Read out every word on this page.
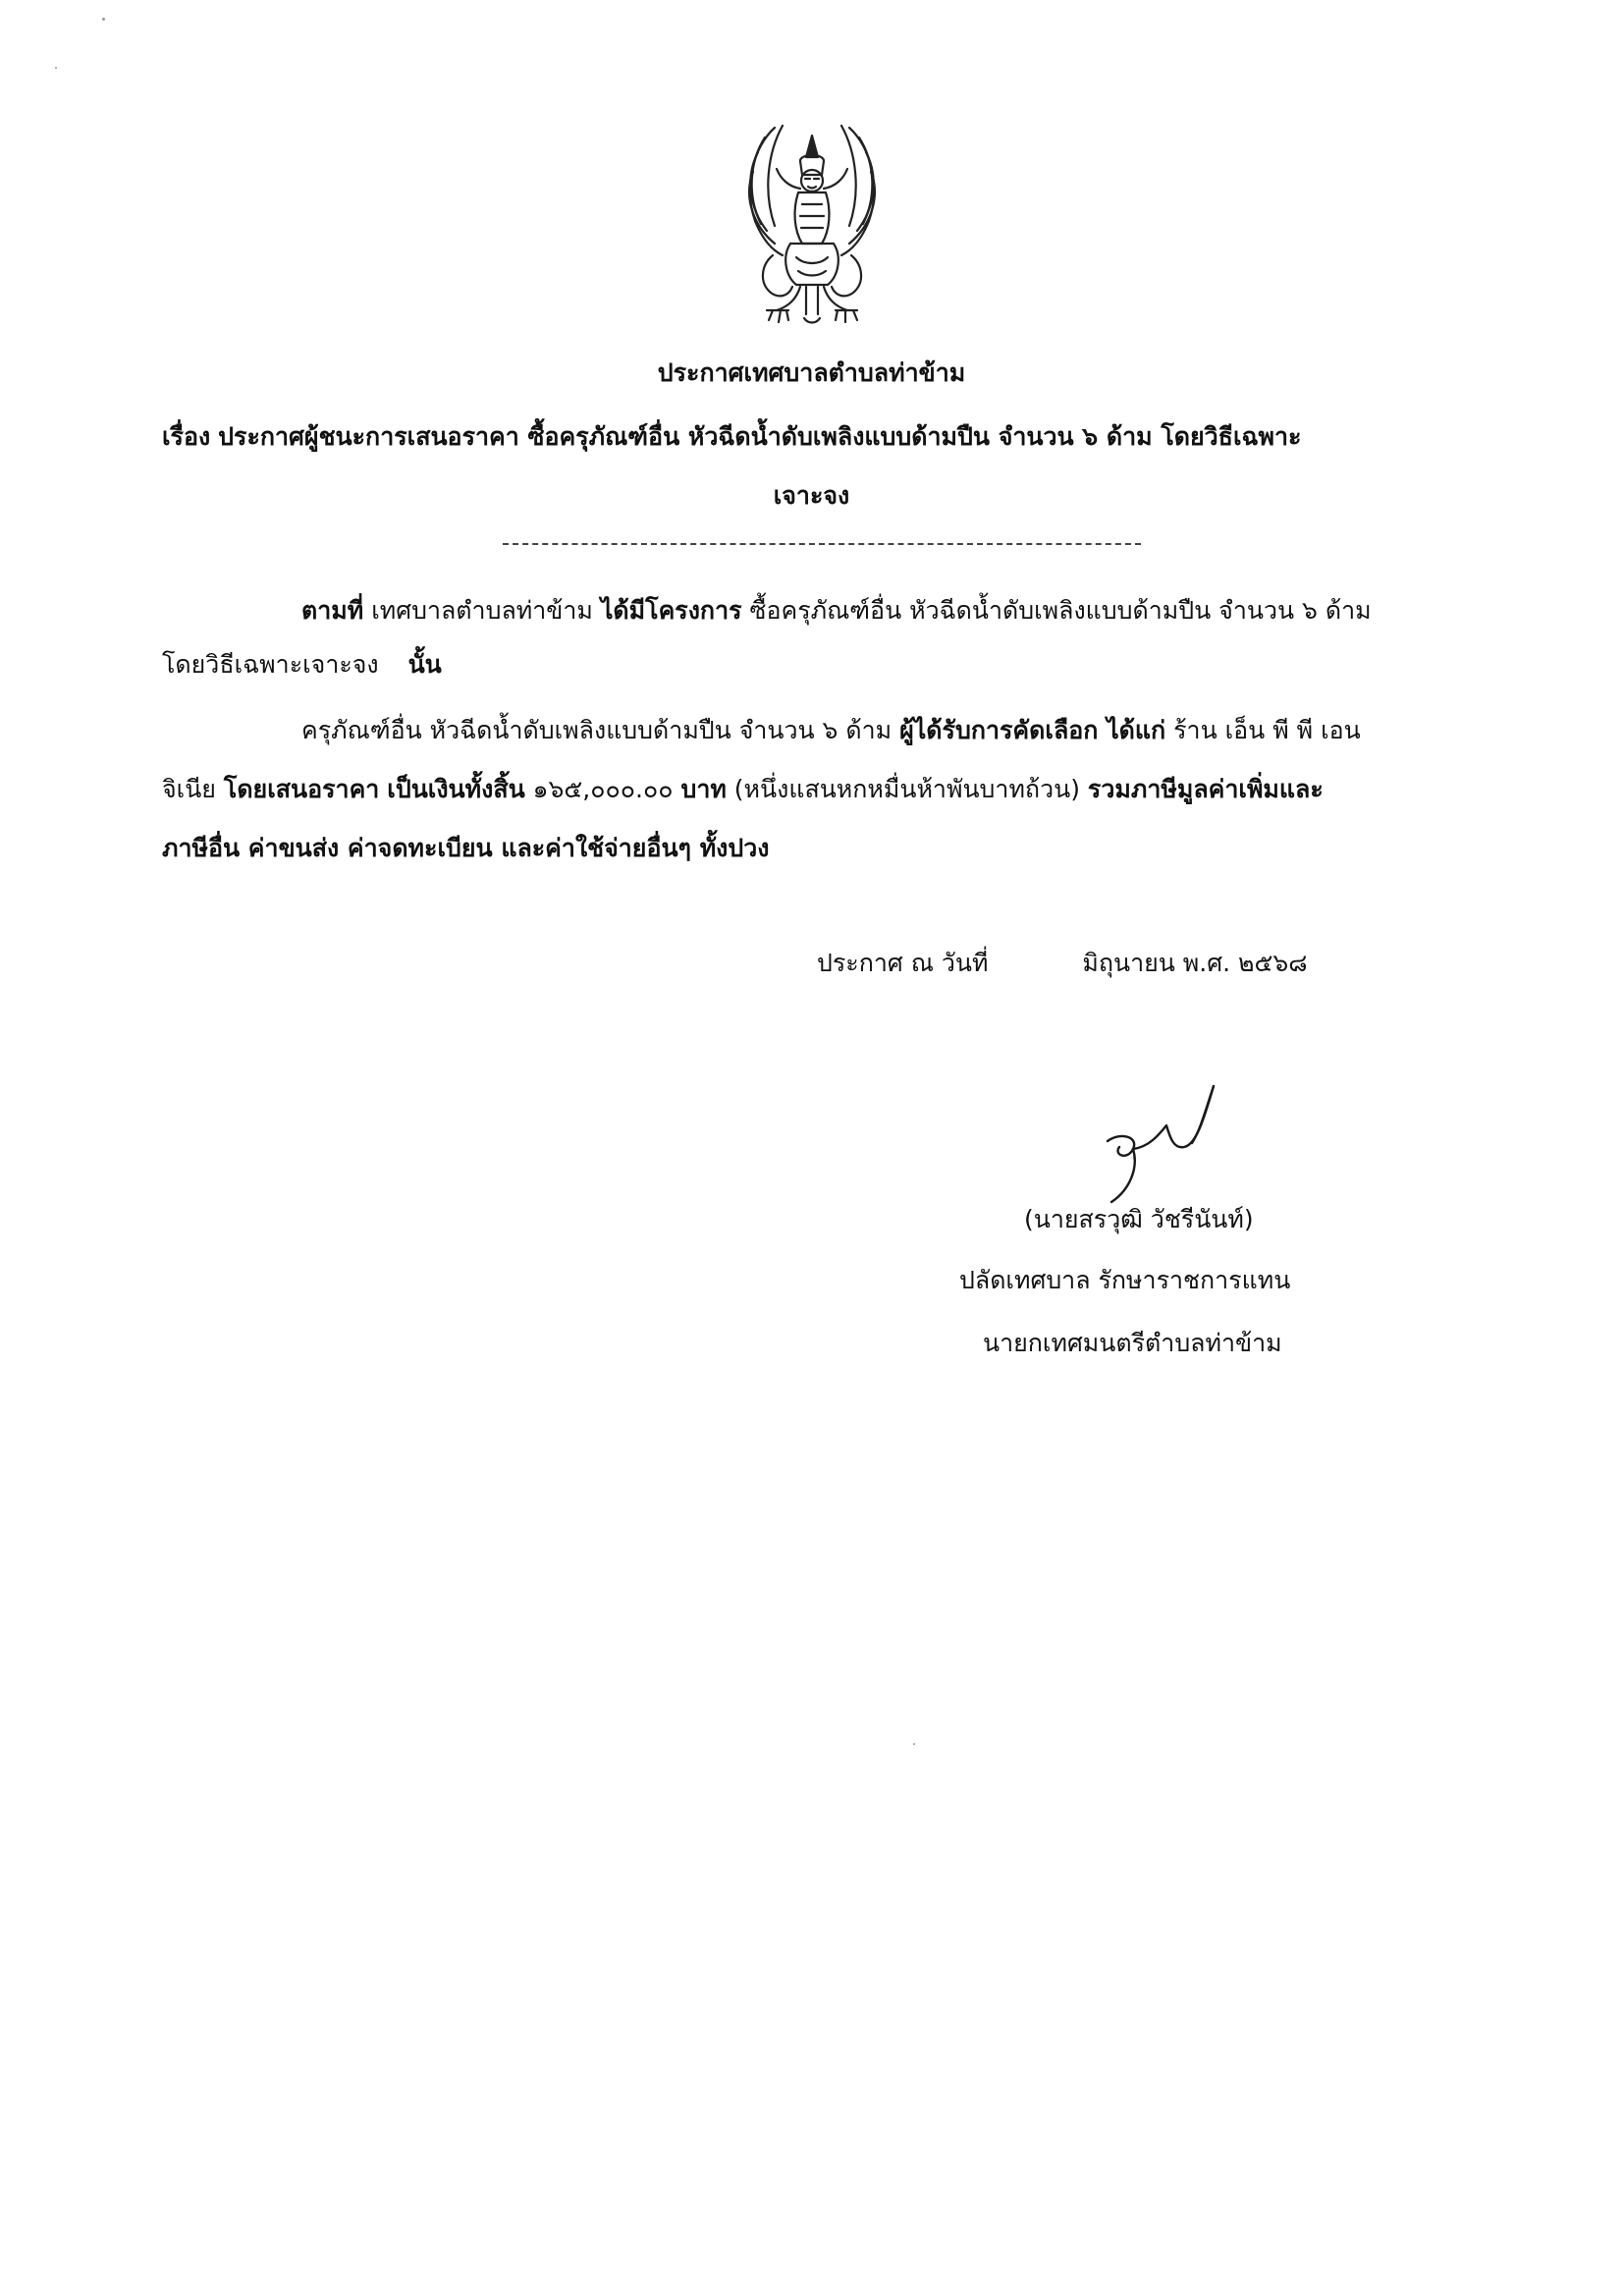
ประกาศเทศบาลตำบลท่าข้าม
เรื่อง ประกาศผู้ชนะการเสนอราคา ซื้อครุภัณฑ์อื่น หัวฉีดน้ำดับเพลิงแบบด้ามปืน จำนวน ๖ ด้าม โดยวิธีเฉพาะ
เจาะจง
ตามที่ เทศบาลตำบลท่าข้าม ได้มีโครงการ ซื้อครุภัณฑ์อื่น หัวฉีดน้ำดับเพลิงแบบด้ามปืน จำนวน ๖ ด้าม
โดยวิธีเฉพาะเจาะจง นั้น
ครุภัณฑ์อื่น หัวฉีดน้ำดับเพลิงแบบด้ามปืน จำนวน ๖ ด้าม ผู้ได้รับการคัดเลือก ได้แก่ ร้าน เอ็น พี พี เอน
จิเนีย โดยเสนอราคา เป็นเงินทั้งสิ้น ๑๖๕,๐๐๐.๐๐ บาท (หนึ่งแสนหกหมื่นห้าพันบาทถ้วน) รวมภาษีมูลค่าเพิ่มและ
ภาษีอื่น ค่าขนส่ง ค่าจดทะเบียน และค่าใช้จ่ายอื่นๆ ทั้งปวง
ประกาศ ณ วันที่	มิถุนายน พ.ศ. ๒๕๖๘
(นายสรวุฒิ วัชรีนันท์)
ปลัดเทศบาล รักษาราชการแทน
นายกเทศมนตรีตำบลท่าข้าม
